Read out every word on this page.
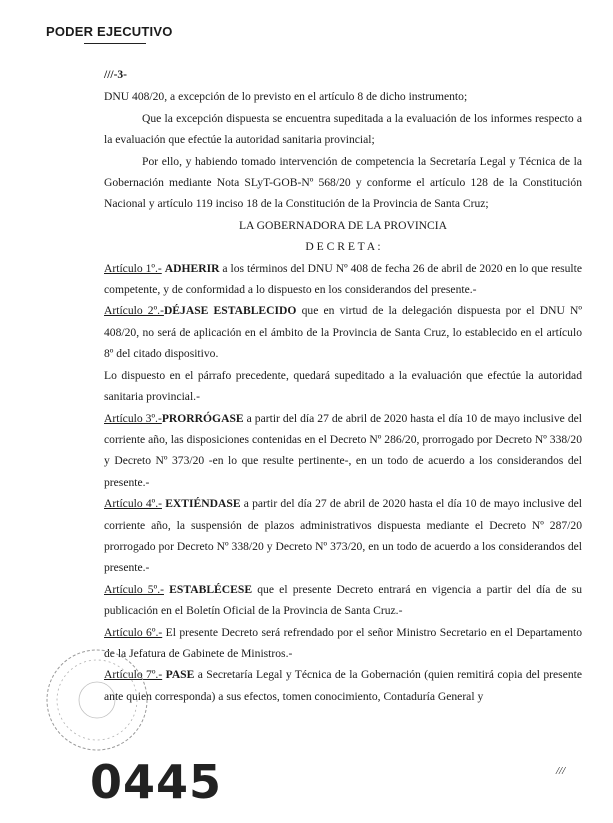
PODER EJECUTIVO

///-3-

DNU 408/20, a excepción de lo previsto en el artículo 8 de dicho instrumento;

Que la excepción dispuesta se encuentra supeditada a la evaluación de los informes respecto a la evaluación que efectúe la autoridad sanitaria provincial;

Por ello, y habiendo tomado intervención de competencia la Secretaría Legal y Técnica de la Gobernación mediante Nota SLyT-GOB-Nº 568/20 y conforme el artículo 128 de la Constitución Nacional y artículo 119 inciso 18 de la Constitución de la Provincia de Santa Cruz;

LA GOBERNADORA DE LA PROVINCIA

D E C R E T A :

Artículo 1º.- ADHERIR a los términos del DNU Nº 408 de fecha 26 de abril de 2020 en lo que resulte competente, y de conformidad a lo dispuesto en los considerandos del presente.-

Artículo 2º.-DÉJASE ESTABLECIDO que en virtud de la delegación dispuesta por el DNU Nº 408/20, no será de aplicación en el ámbito de la Provincia de Santa Cruz, lo establecido en el artículo 8º del citado dispositivo.

Lo dispuesto en el párrafo precedente, quedará supeditado a la evaluación que efectúe la autoridad sanitaria provincial.-

Artículo 3º.-PRORRÓGASE a partir del día 27 de abril de 2020 hasta el día 10 de mayo inclusive del corriente año, las disposiciones contenidas en el Decreto Nº 286/20, prorrogado por Decreto Nº 338/20 y Decreto Nº 373/20 -en lo que resulte pertinente-, en un todo de acuerdo a los considerandos del presente.-

Artículo 4º.- EXTIÉNDASE a partir del día 27 de abril de 2020 hasta el día 10 de mayo inclusive del corriente año, la suspensión de plazos administrativos dispuesta mediante el Decreto Nº 287/20 prorrogado por Decreto Nº 338/20 y Decreto Nº 373/20, en un todo de acuerdo a los considerandos del presente.-

Artículo 5º.- ESTABLÉCESE que el presente Decreto entrará en vigencia a partir del día de su publicación en el Boletín Oficial de la Provincia de Santa Cruz.-

Artículo 6º.- El presente Decreto será refrendado por el señor Ministro Secretario en el Departamento de la Jefatura de Gabinete de Ministros.-

Artículo 7º.- PASE a Secretaría Legal y Técnica de la Gobernación (quien remitirá copia del presente ante quien corresponda) a sus efectos, tomen conocimiento, Contaduría General y

///
0445
